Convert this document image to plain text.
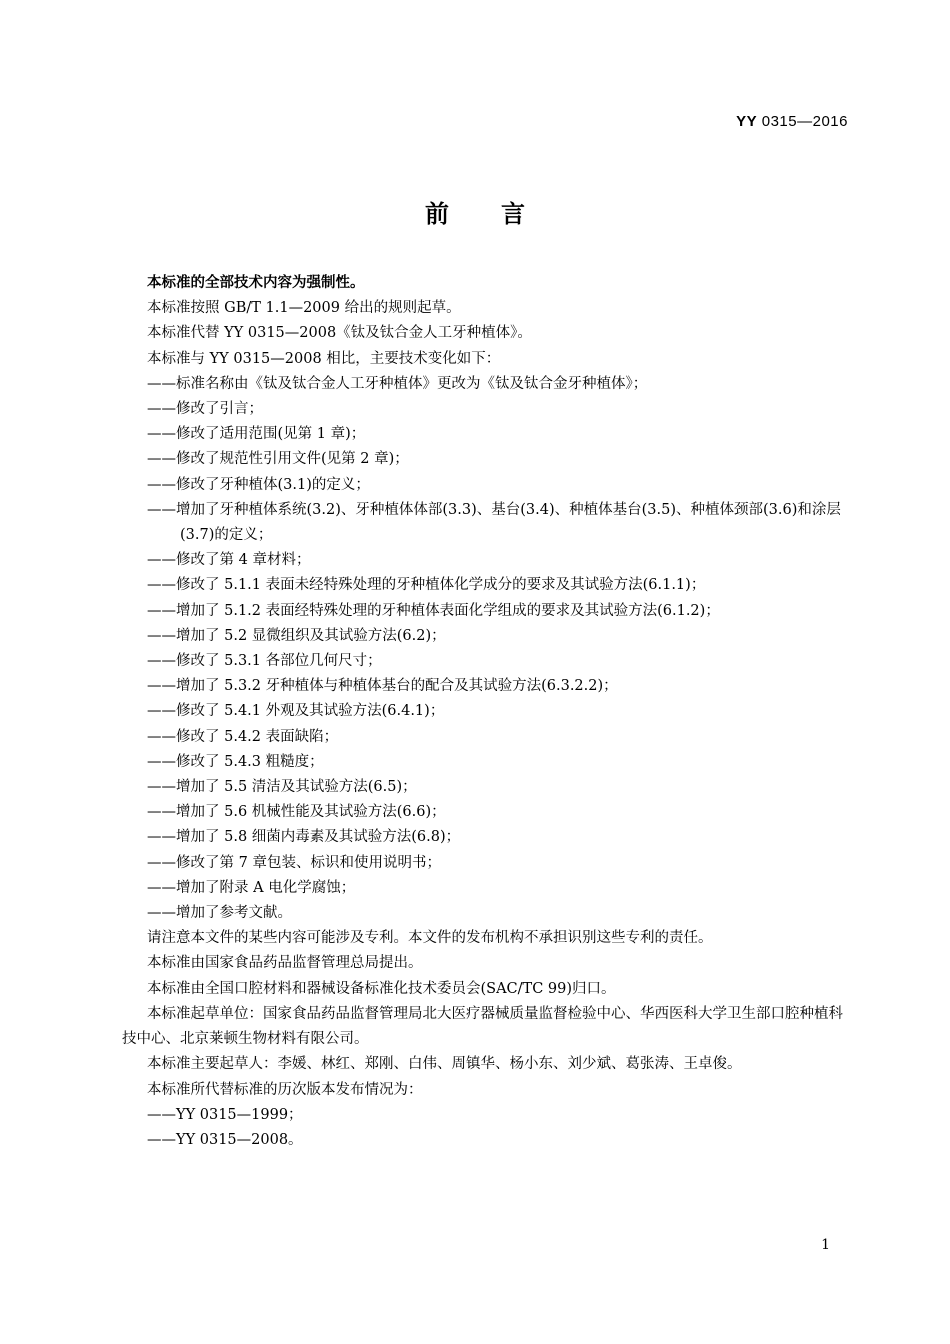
YY 0315—2016
前言

本标准的全部技术内容为强制性。

本标准按照 GB/T 1.1—2009 给出的规则起草。

本标准代替 YY 0315—2008《钛及钛合金人工牙种植体》。

本标准与 YY 0315—2008 相比，主要技术变化如下：

——标准名称由《钛及钛合金人工牙种植体》更改为《钛及钛合金牙种植体》；

——修改了引言；

——修改了适用范围(见第 1 章)；

——修改了规范性引用文件(见第 2 章)；

——修改了牙种植体(3.1)的定义；

——增加了牙种植体系统(3.2)、牙种植体体部(3.3)、基台(3.4)、种植体基台(3.5)、种植体颈部(3.6)和涂层(3.7)的定义；

——修改了第 4 章材料；

——修改了 5.1.1 表面未经特殊处理的牙种植体化学成分的要求及其试验方法(6.1.1)；

——增加了 5.1.2 表面经特殊处理的牙种植体表面化学组成的要求及其试验方法(6.1.2)；

——增加了 5.2 显微组织及其试验方法(6.2)；

——修改了 5.3.1 各部位几何尺寸；

——增加了 5.3.2 牙种植体与种植体基台的配合及其试验方法(6.3.2.2)；

——修改了 5.4.1 外观及其试验方法(6.4.1)；

——修改了 5.4.2 表面缺陷；

——修改了 5.4.3 粗糙度；

——增加了 5.5 清洁及其试验方法(6.5)；

——增加了 5.6 机械性能及其试验方法(6.6)；

——增加了 5.8 细菌内毒素及其试验方法(6.8)；

——修改了第 7 章包装、标识和使用说明书；

——增加了附录 A 电化学腐蚀；

——增加了参考文献。

请注意本文件的某些内容可能涉及专利。本文件的发布机构不承担识别这些专利的责任。

本标准由国家食品药品监督管理总局提出。

本标准由全国口腔材料和器械设备标准化技术委员会(SAC/TC 99)归口。

本标准起草单位：国家食品药品监督管理局北大医疗器械质量监督检验中心、华西医科大学卫生部口腔种植科技中心、北京莱顿生物材料有限公司。

本标准主要起草人：李媛、林红、郑刚、白伟、周镇华、杨小东、刘少斌、葛张涛、王卓俊。

本标准所代替标准的历次版本发布情况为：

——YY 0315—1999；

——YY 0315—2008。

1
